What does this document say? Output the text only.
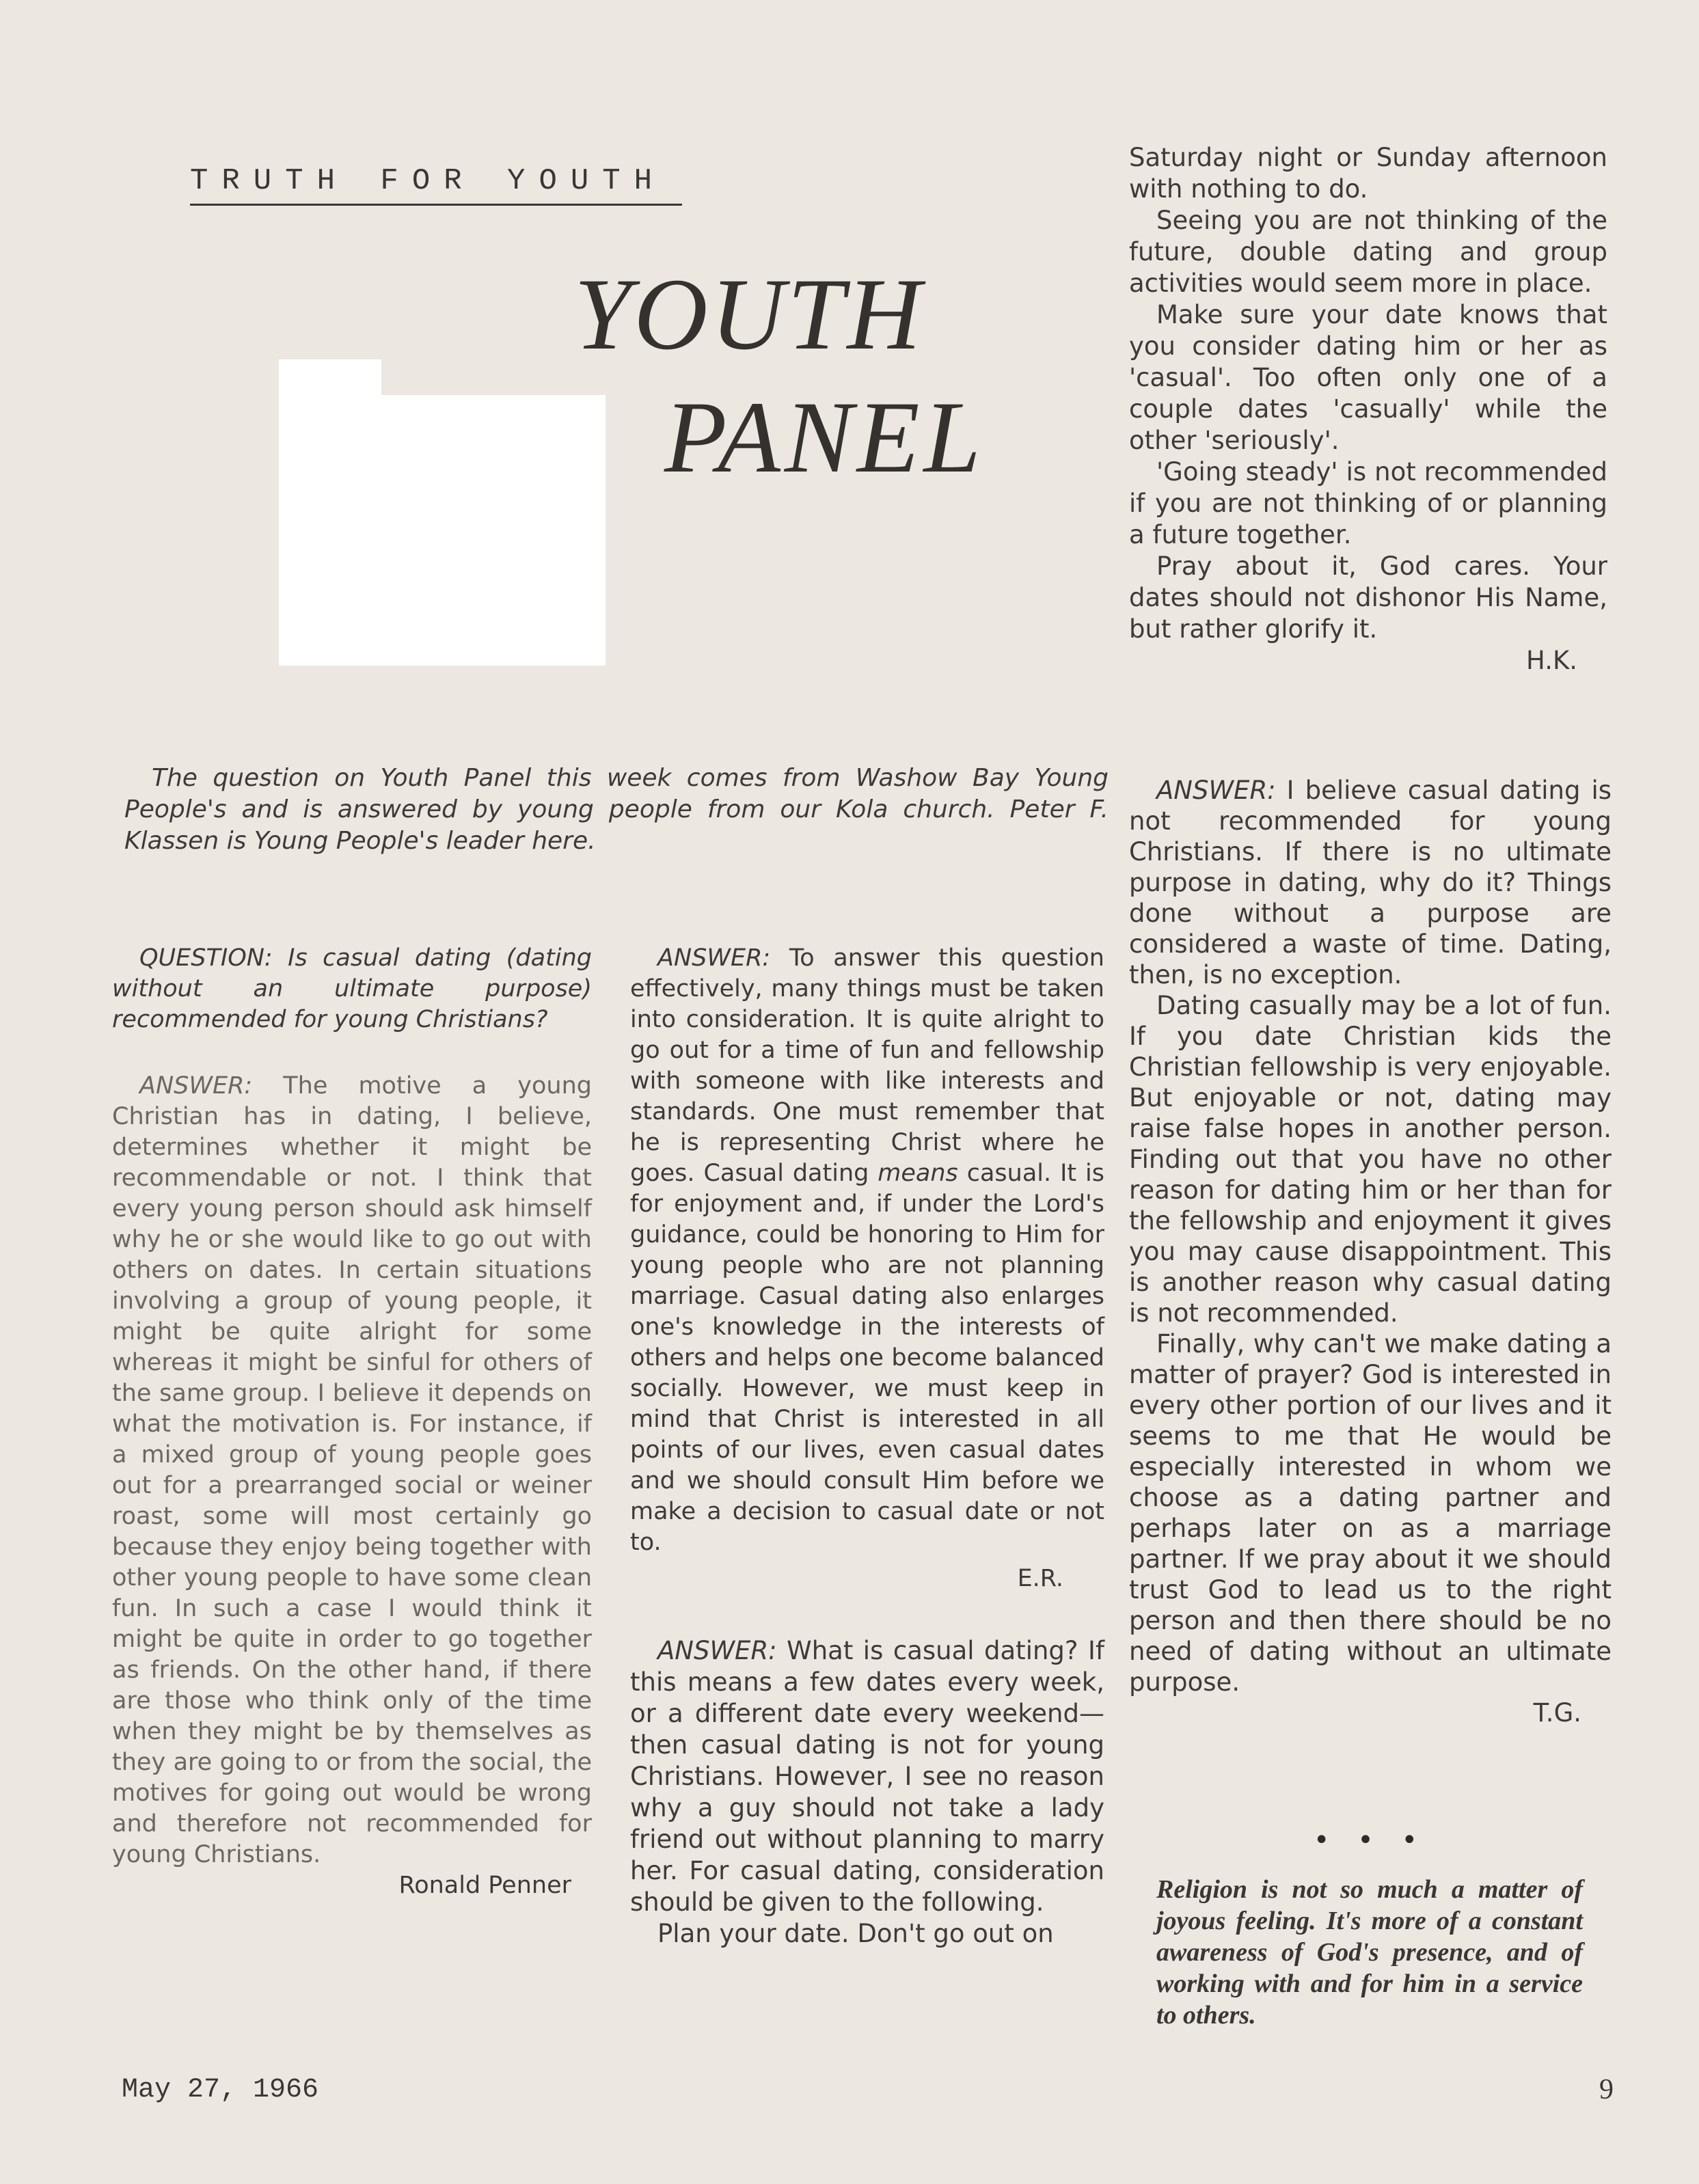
TRUTH FOR YOUTH
YOUTH
PANEL
The question on Youth Panel this week comes from Washow Bay Young People's and is answered by young people from our Kola church. Peter F. Klassen is Young People's leader here.

QUESTION: Is casual dating (dating without an ultimate purpose) recommended for young Christians?

ANSWER: The motive a young Christian has in dating, I believe, determines whether it might be recommendable or not. I think that every young person should ask himself why he or she would like to go out with others on dates. In certain situations involving a group of young people, it might be quite alright for some whereas it might be sinful for others of the same group. I believe it depends on what the motivation is. For instance, if a mixed group of young people goes out for a prearranged social or weiner roast, some will most certainly go because they enjoy being together with other young people to have some clean fun. In such a case I would think it might be quite in order to go together as friends. On the other hand, if there are those who think only of the time when they might be by themselves as they are going to or from the social, the motives for going out would be wrong and therefore not recommended for young Christians.

Ronald Penner

ANSWER: To answer this question effectively, many things must be taken into consideration. It is quite alright to go out for a time of fun and fellowship with someone with like interests and standards. One must remember that he is representing Christ where he goes. Casual dating means casual. It is for enjoyment and, if under the Lord's guidance, could be honoring to Him for young people who are not planning marriage. Casual dating also enlarges one's knowledge in the interests of others and helps one become balanced socially. However, we must keep in mind that Christ is interested in all points of our lives, even casual dates and we should consult Him before we make a decision to casual date or not to.

E.R.

ANSWER: What is casual dating? If this means a few dates every week, or a different date every weekend—then casual dating is not for young Christians. However, I see no reason why a guy should not take a lady friend out without planning to marry her. For casual dating, consideration should be given to the following.

Plan your date. Don't go out on

Saturday night or Sunday afternoon with nothing to do.

Seeing you are not thinking of the future, double dating and group activities would seem more in place.

Make sure your date knows that you consider dating him or her as 'casual'. Too often only one of a couple dates 'casually' while the other 'seriously'.

'Going steady' is not recommended if you are not thinking of or planning a future together.

Pray about it, God cares. Your dates should not dishonor His Name, but rather glorify it.

H.K.

ANSWER: I believe casual dating is not recommended for young Christians. If there is no ultimate purpose in dating, why do it? Things done without a purpose are considered a waste of time. Dating, then, is no exception.

Dating casually may be a lot of fun. If you date Christian kids the Christian fellowship is very enjoyable. But enjoyable or not, dating may raise false hopes in another person. Finding out that you have no other reason for dating him or her than for the fellowship and enjoyment it gives you may cause disappointment. This is another reason why casual dating is not recommended.

Finally, why can't we make dating a matter of prayer? God is interested in every other portion of our lives and it seems to me that He would be especially interested in whom we choose as a dating partner and perhaps later on as a marriage partner. If we pray about it we should trust God to lead us to the right person and then there should be no need of dating without an ultimate purpose.

T.G.

• • •
Religion is not so much a matter of joyous feeling. It's more of a constant awareness of God's presence, and of working with and for him in a service to others.
May 27, 1966	9
